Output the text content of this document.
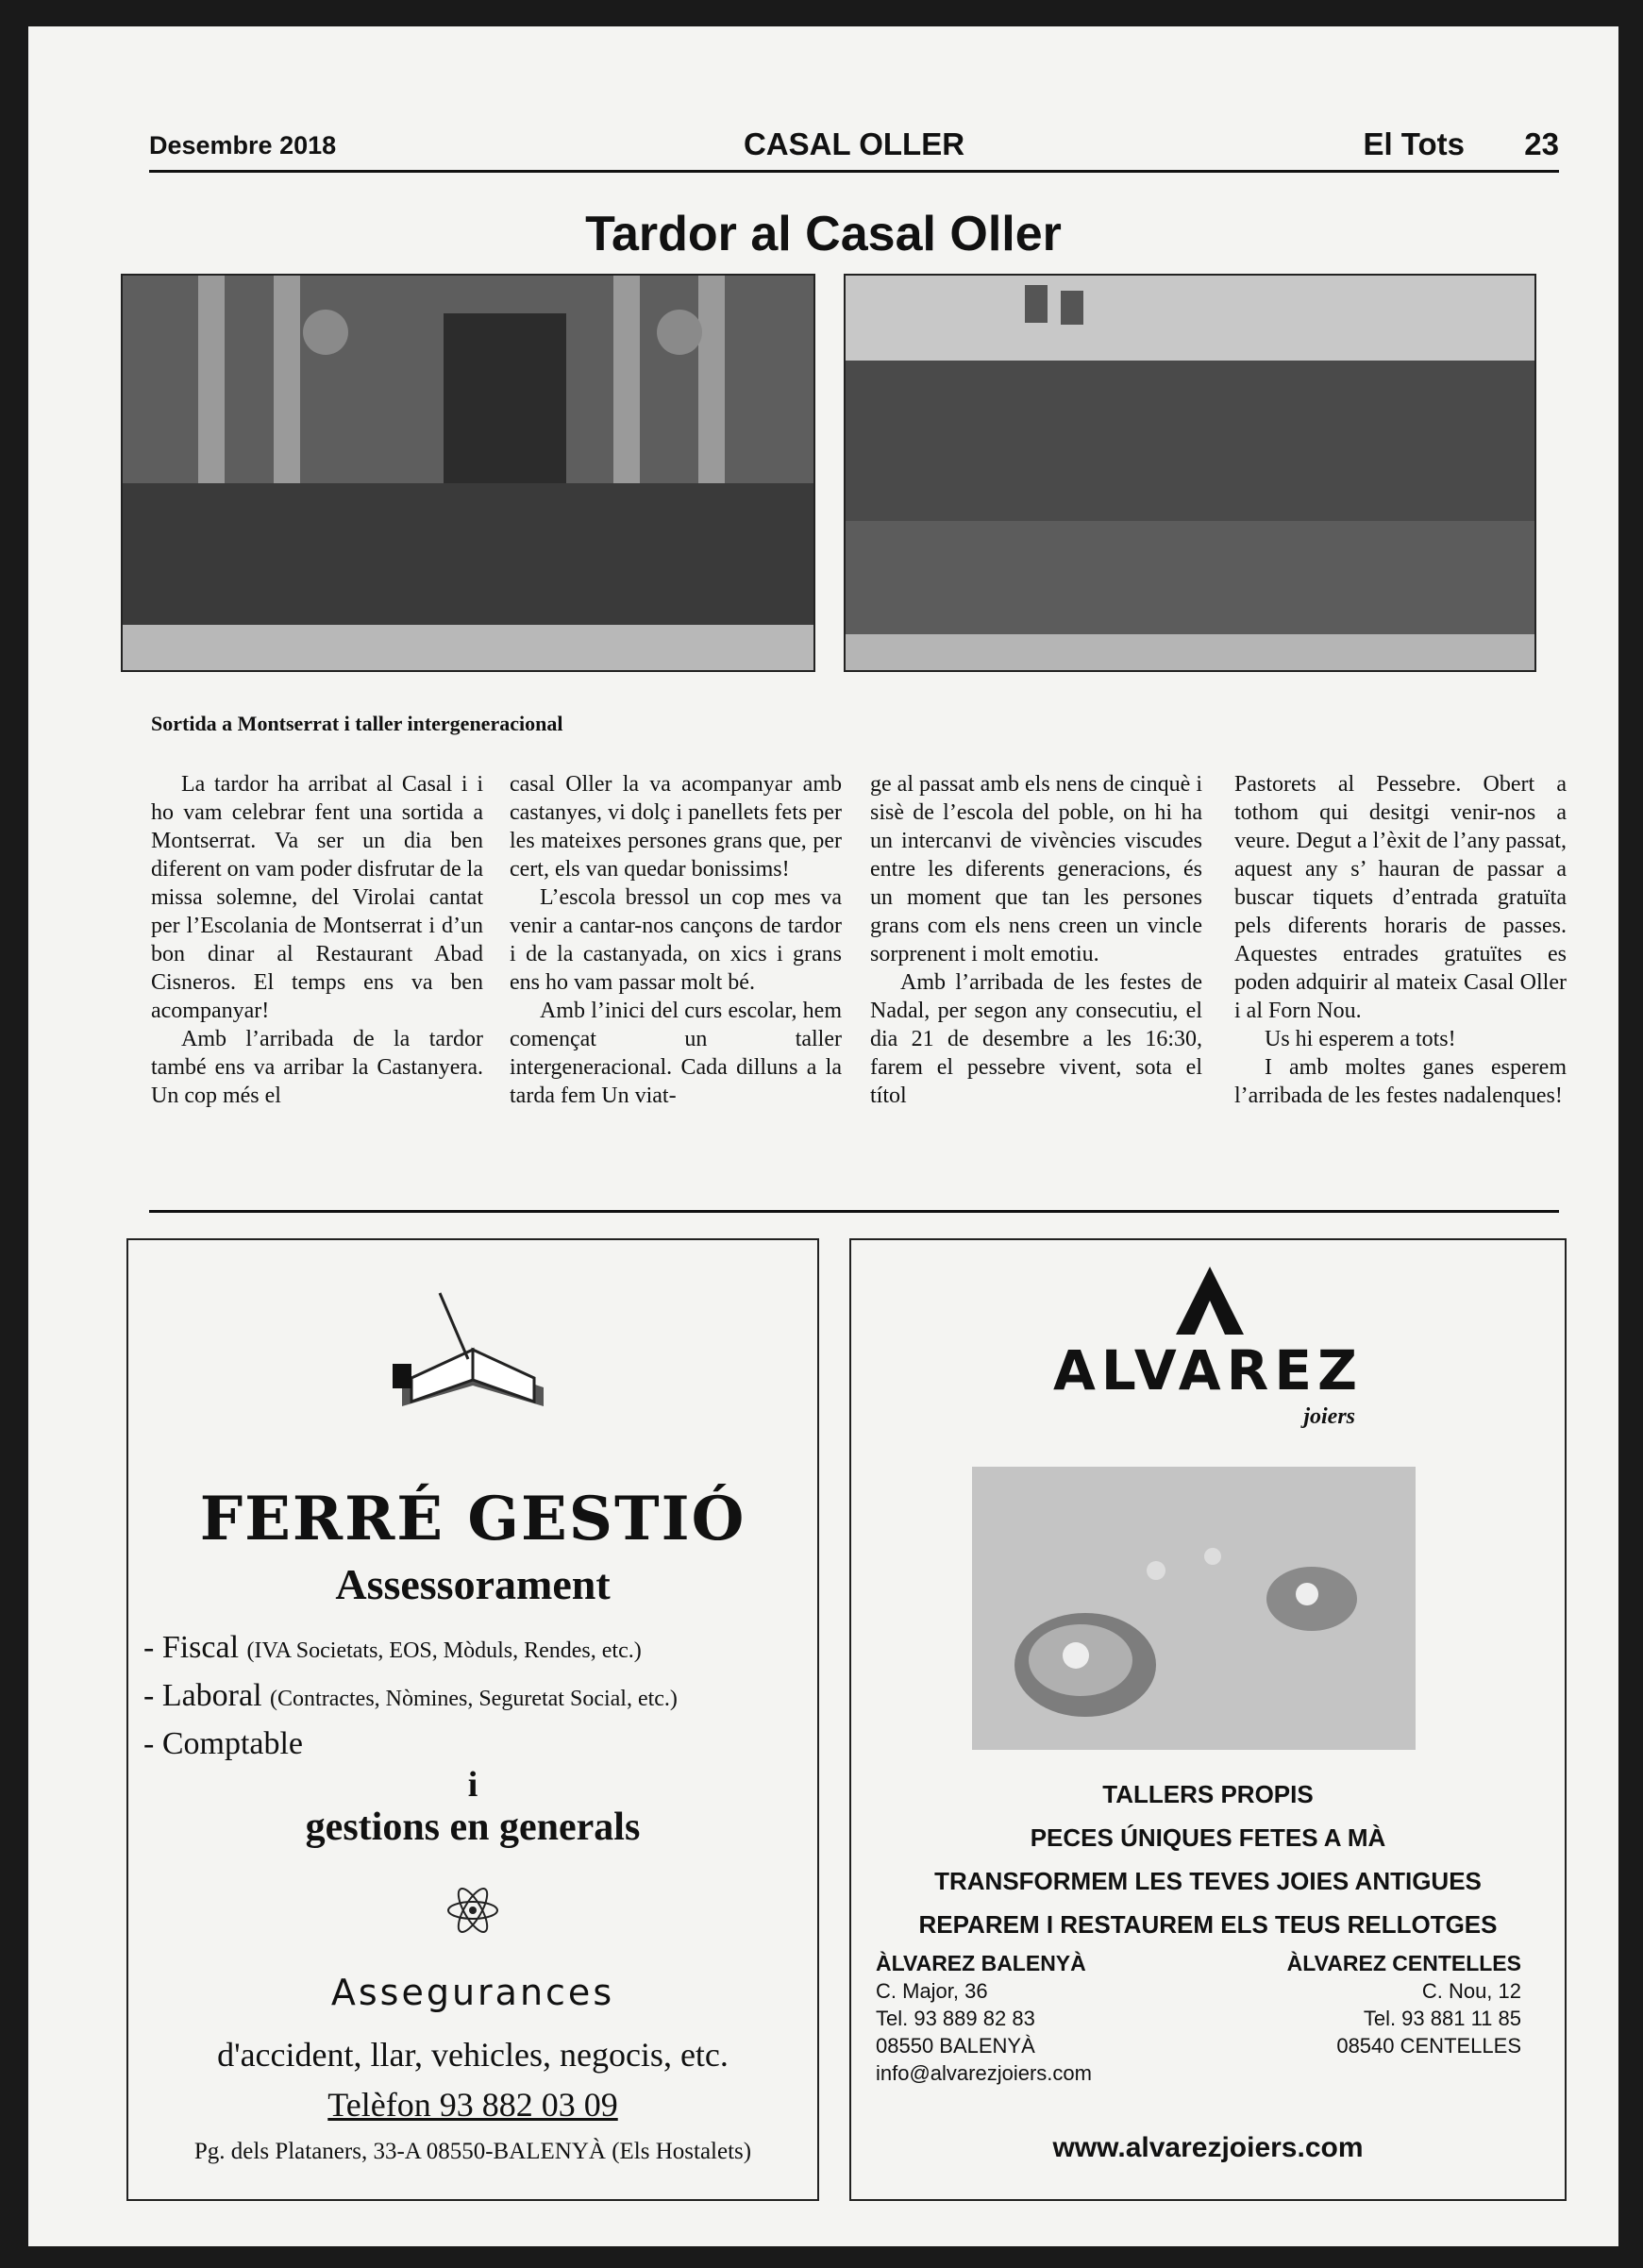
Desembre 2018	CASAL OLLER	El Tots 23
Tardor al Casal Oller
Sortida a Montserrat i taller intergeneracional

La tardor ha arribat al Casal i i ho vam celebrar fent una sortida a Montserrat. Va ser un dia ben diferent on vam poder disfrutar de la missa solemne, del Virolai cantat per l’Escolania de Montserrat i d’un bon dinar al Restaurant Abad Cisneros. El temps ens va ben acompanyar!

Amb l’arribada de la tardor també ens va arribar la Castanyera. Un cop més el

casal Oller la va acompanyar amb castanyes, vi dolç i panellets fets per les mateixes persones grans que, per cert, els van quedar bonissims!

L’escola bressol un cop mes va venir a cantar-nos cançons de tardor i de la castanyada, on xics i grans ens ho vam passar molt bé.

Amb l’inici del curs escolar, hem començat un taller intergeneracional. Cada dilluns a la tarda fem Un viat-

ge al passat amb els nens de cinquè i sisè de l’escola del poble, on hi ha un intercanvi de vivències viscudes entre les diferents generacions, és un moment que tan les persones grans com els nens creen un vincle sorprenent i molt emotiu.

Amb l’arribada de les festes de Nadal, per segon any consecutiu, el dia 21 de desembre a les 16:30, farem el pessebre vivent, sota el títol

Pastorets al Pessebre. Obert a tothom qui desitgi venir-nos a veure. Degut a l’èxit de l’any passat, aquest any s’ hauran de passar a buscar tiquets d’entrada gratuïta pels diferents horaris de passes. Aquestes entrades gratuïtes es poden adquirir al mateix Casal Oller i al Forn Nou.

Us hi esperem a tots!

I amb moltes ganes esperem l’arribada de les festes nadalenques!

FERRÉ GESTIÓ
Assessorament
- Fiscal (IVA Societats, EOS, Mòduls, Rendes, etc.)
- Laboral (Contractes, Nòmines, Seguretat Social, etc.)
- Comptable
i
gestions en generals
Assegurances
d'accident, llar, vehicles, negocis, etc.
Telèfon 93 882 03 09
Pg. dels Plataners, 33-A 08550-BALENYÀ (Els Hostalets)
ALVAREZ
joiers
TALLERS PROPIS
PECES ÚNIQUES FETES A MÀ
TRANSFORMEM LES TEVES JOIES ANTIGUES
REPAREM I RESTAUREM ELS TEUS RELLOTGES
ÀLVAREZ BALENYÀ
C. Major, 36
Tel. 93 889 82 83
08550 BALENYÀ
info@alvarezjoiers.com
ÀLVAREZ CENTELLES
C. Nou, 12
Tel. 93 881 11 85
08540 CENTELLES
www.alvarezjoiers.com
